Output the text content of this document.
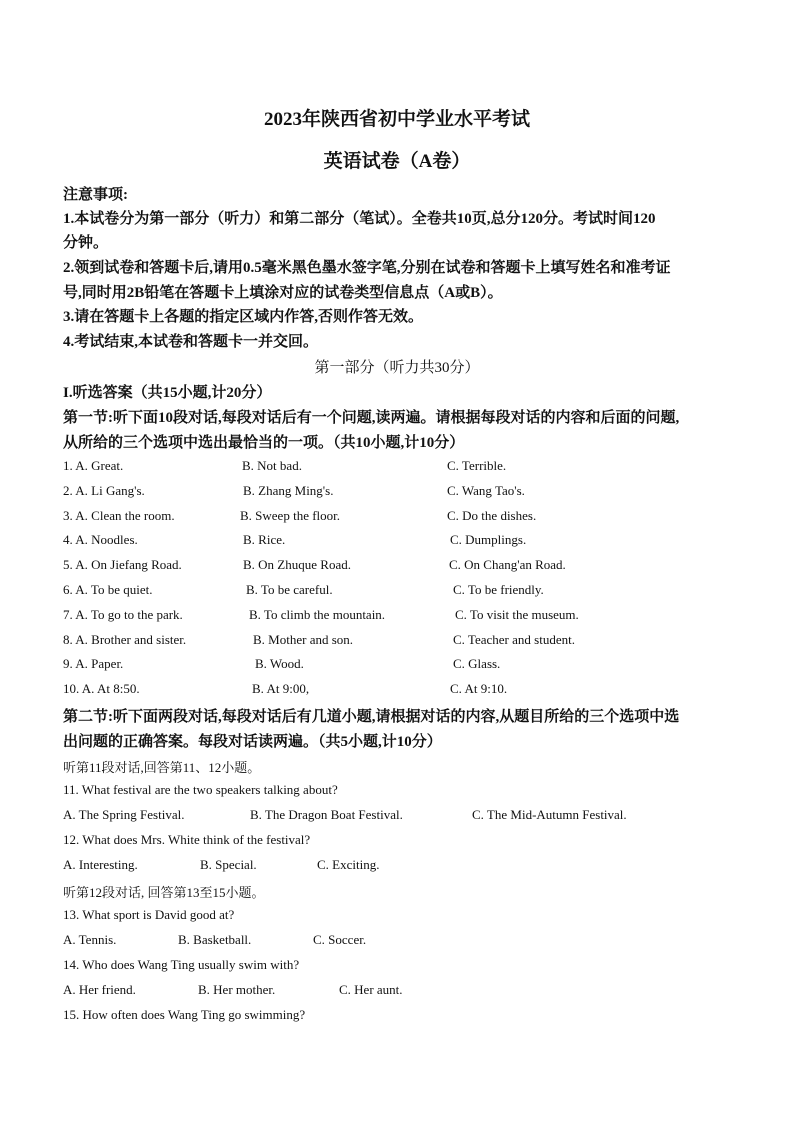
2023年陕西省初中学业水平考试
英语试卷（A卷）
注意事项:
1.本试卷分为第一部分（听力）和第二部分（笔试）。全卷共10页,总分120分。考试时间120
分钟。
2.领到试卷和答题卡后,请用0.5毫米黑色墨水签字笔,分别在试卷和答题卡上填写姓名和准考证
号,同时用2B铅笔在答题卡上填涂对应的试卷类型信息点（A或B）。
3.请在答题卡上各题的指定区域内作答,否则作答无效。
4.考试结束,本试卷和答题卡一并交回。
第一部分（听力共30分）
I.听选答案（共15小题,计20分）
第一节:听下面10段对话,每段对话后有一个问题,读两遍。请根据每段对话的内容和后面的问题,
从所给的三个选项中选出最恰当的一项。（共10小题,计10分）
1. A. Great.	B. Not bad.	C. Terrible.
2. A. Li Gang's.	B. Zhang Ming's.	C. Wang Tao's.
3. A. Clean the room.	B. Sweep the floor.	C. Do the dishes.
4. A. Noodles.	B. Rice.	C. Dumplings.
5. A. On Jiefang Road.	B. On Zhuque Road.	C. On Chang'an Road.
6. A. To be quiet.	B. To be careful.	C. To be friendly.
7. A. To go to the park.	B. To climb the mountain.	C. To visit the museum.
8. A. Brother and sister.	B. Mother and son.	C. Teacher and student.
9. A. Paper.	B. Wood.	C. Glass.
10. A. At 8:50.	B. At 9:00,	C. At 9:10.
第二节:听下面两段对话,每段对话后有几道小题,请根据对话的内容,从题目所给的三个选项中选
出问题的正确答案。每段对话读两遍。（共5小题,计10分）
听第11段对话,回答第11、12小题。
11. What festival are the two speakers talking about?
A. The Spring Festival.	B. The Dragon Boat Festival.	C. The Mid-Autumn Festival.
12. What does Mrs. White think of the festival?
A. Interesting.	B. Special.	C. Exciting.
听第12段对话, 回答第13至15小题。
13. What sport is David good at?
A. Tennis.	B. Basketball.	C. Soccer.
14. Who does Wang Ting usually swim with?
A. Her friend.	B. Her mother.	C. Her aunt.
15. How often does Wang Ting go swimming?
